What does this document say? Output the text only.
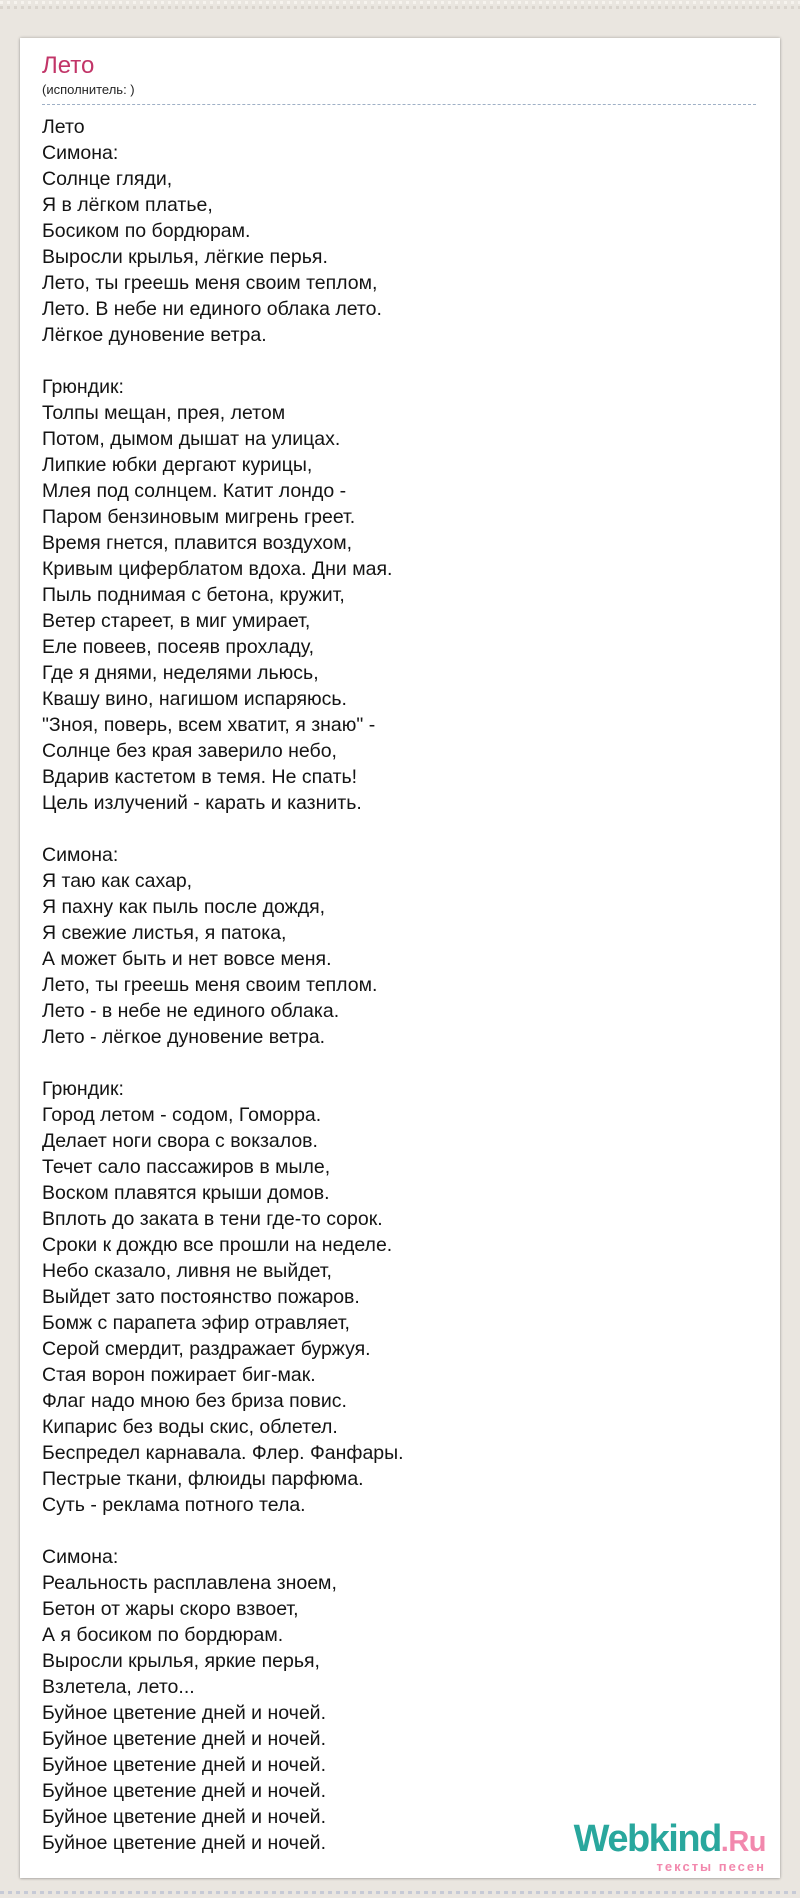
Лето
(исполнитель: )
Лето
Симона:
Солнце гляди,
Я в лёгком платье,
Босиком по бордюрам.
Выросли крылья, лёгкие перья.
Лето, ты греешь меня своим теплом,
Лето. В небе ни единого облака лето.
Лёгкое дуновение ветра.
Грюндик:
Толпы мещан, прея, летом
Потом, дымом дышат на улицах.
Липкие юбки дергают курицы,
Млея под солнцем. Катит лондо -
Паром бензиновым мигрень греет.
Время гнется, плавится воздухом,
Кривым циферблатом вдоха. Дни мая.
Пыль поднимая с бетона, кружит,
Ветер стареет, в миг умирает,
Еле повеев, посеяв прохладу,
Где я днями, неделями льюсь,
Квашу вино, нагишом испаряюсь.
"Зноя, поверь, всем хватит, я знаю" -
Солнце без края заверило небо,
Вдарив кастетом в темя. Не спать!
Цель излучений - карать и казнить.
Симона:
Я таю как сахар,
Я пахну как пыль после дождя,
Я свежие листья, я патока,
А может быть и нет вовсе меня.
Лето, ты греешь меня своим теплом.
Лето - в небе не единого облака.
Лето - лёгкое дуновение ветра.
Грюндик:
Город летом - содом, Гоморра.
Делает ноги свора с вокзалов.
Течет сало пассажиров в мыле,
Воском плавятся крыши домов.
Вплоть до заката в тени где-то сорок.
Сроки к дождю все прошли на неделе.
Небо сказало, ливня не выйдет,
Выйдет зато постоянство пожаров.
Бомж с парапета эфир отравляет,
Серой смердит, раздражает буржуя.
Стая ворон пожирает биг-мак.
Флаг надо мною без бриза повис.
Кипарис без воды скис, облетел.
Беспредел карнавала. Флер. Фанфары.
Пестрые ткани, флюиды парфюма.
Суть - реклама потного тела.
Симона:
Реальность расплавлена зноем,
Бетон от жары скоро взвоет,
А я босиком по бордюрам.
Выросли крылья, яркие перья,
Взлетела, лето...
Буйное цветение дней и ночей.
Буйное цветение дней и ночей.
Буйное цветение дней и ночей.
Буйное цветение дней и ночей.
Буйное цветение дней и ночей.
Буйное цветение дней и ночей.	Webkind.Ru
тексты песен
